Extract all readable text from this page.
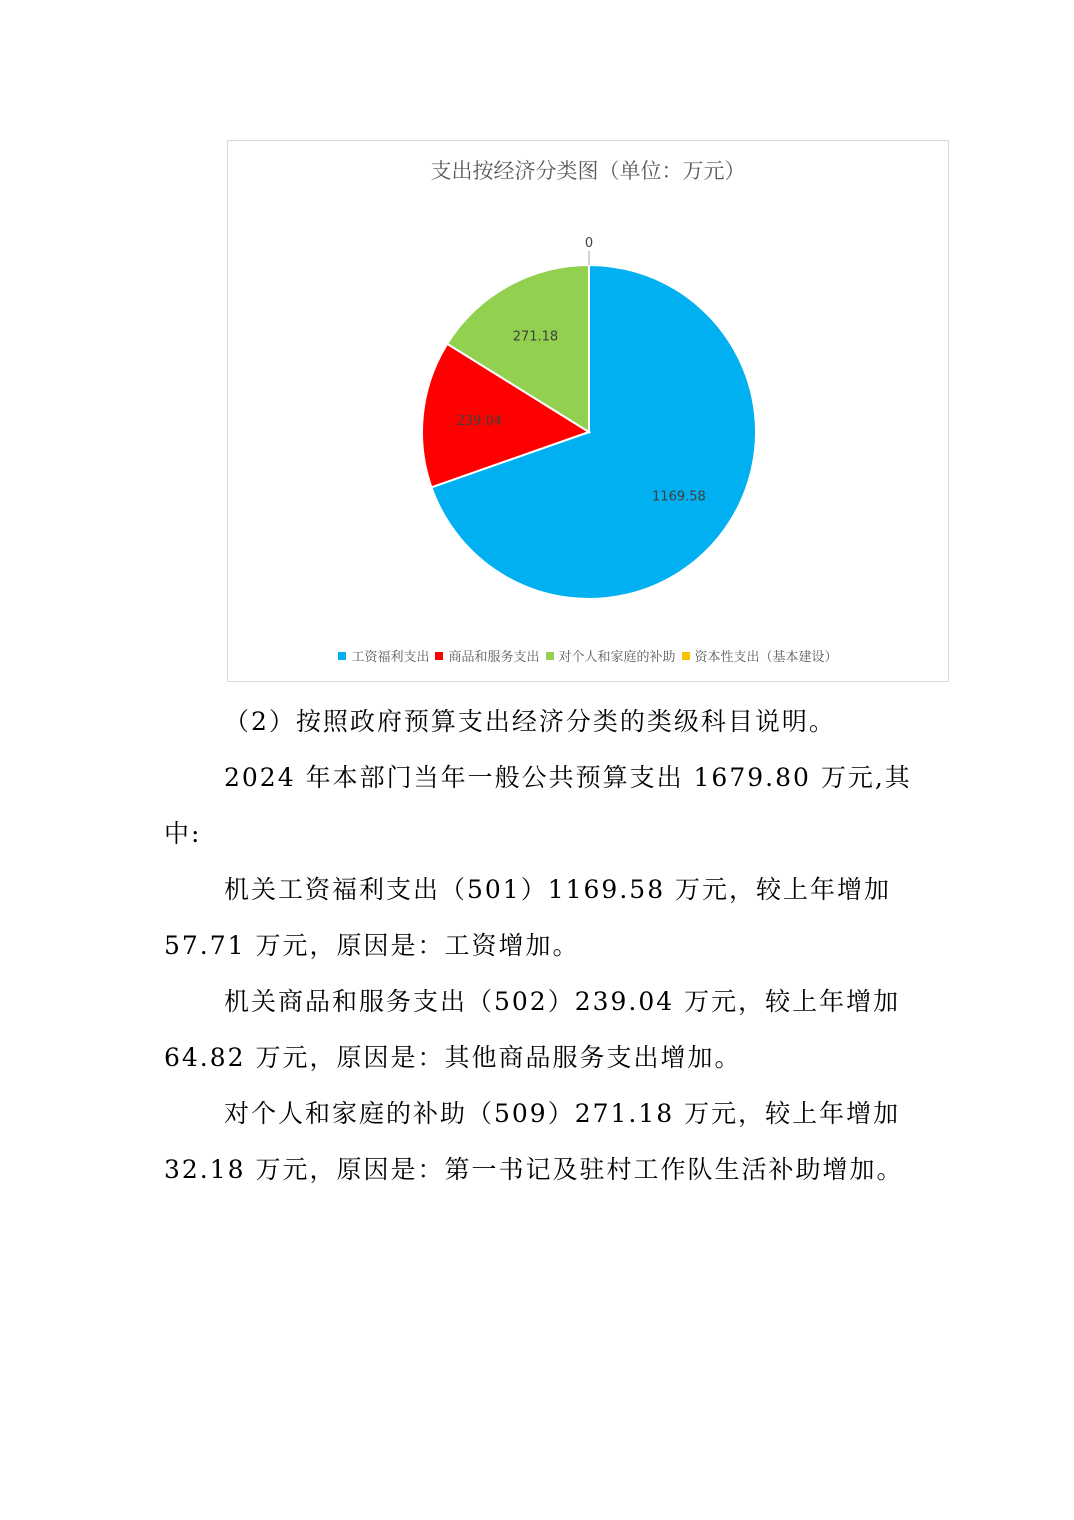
支出按经济分类图（单位：万元）
1169.58
239.04
271.18
0
工资福利支出 商品和服务支出 对个人和家庭的补助 资本性支出（基本建设）

（2）按照政府预算支出经济分类的类级科目说明。

2024 年本部门当年一般公共预算支出 1679.80 万元,其

中:

机关工资福利支出（501）1169.58 万元，较上年增加

57.71 万元，原因是：工资增加。

机关商品和服务支出（502）239.04 万元，较上年增加

64.82 万元，原因是：其他商品服务支出增加。

对个人和家庭的补助（509）271.18 万元，较上年增加

32.18 万元，原因是：第一书记及驻村工作队生活补助增加。
